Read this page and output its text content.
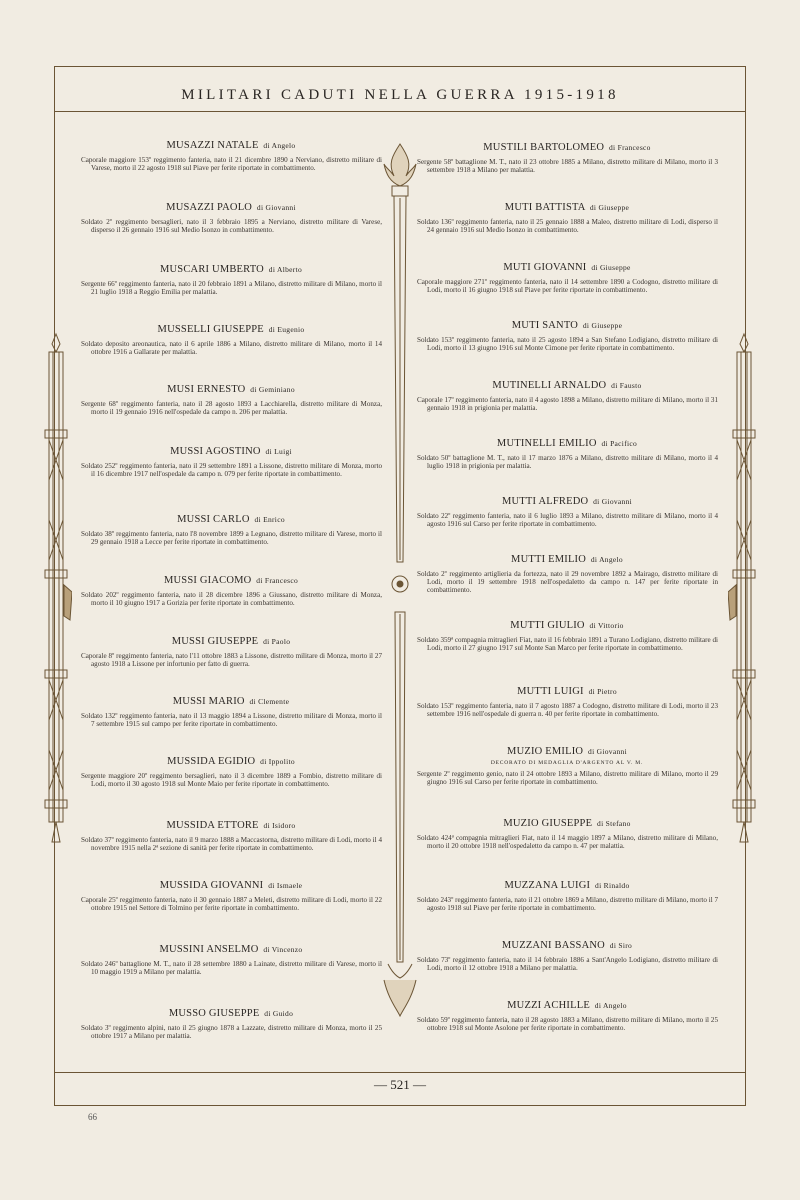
MILITARI CADUTI NELLA GUERRA 1915-1918
— 521 —
66
MUSAZZI NATALE di Angelo
Caporale maggiore 153º reggimento fanteria, nato il 21 dicembre 1890 a Nerviano, distretto militare di Varese, morto il 22 agosto 1918 sul Piave per ferite riportate in combattimento.
MUSAZZI PAOLO di Giovanni
Soldato 2º reggimento bersaglieri, nato il 3 febbraio 1895 a Nerviano, distretto militare di Varese, disperso il 26 gennaio 1916 sul Medio Isonzo in combattimento.
MUSCARI UMBERTO di Alberto
Sergente 66º reggimento fanteria, nato il 20 febbraio 1891 a Milano, distretto militare di Milano, morto il 21 luglio 1918 a Reggio Emilia per malattia.
MUSSELLI GIUSEPPE di Eugenio
Soldato deposito areonautica, nato il 6 aprile 1886 a Milano, distretto militare di Milano, morto il 14 ottobre 1916 a Gallarate per malattia.
MUSI ERNESTO di Geminiano
Sergente 68º reggimento fanteria, nato il 28 agosto 1893 a Lacchiarella, distretto militare di Monza, morto il 19 gennaio 1916 nell'ospedale da campo n. 206 per malattia.
MUSSI AGOSTINO di Luigi
Soldato 252º reggimento fanteria, nato il 29 settembre 1891 a Lissone, distretto militare di Monza, morto il 16 dicembre 1917 nell'ospedale da campo n. 079 per ferite riportate in combattimento.
MUSSI CARLO di Enrico
Soldato 38º reggimento fanteria, nato l'8 novembre 1899 a Legnano, distretto militare di Varese, morto il 29 gennaio 1918 a Lecce per ferite riportate in combattimento.
MUSSI GIACOMO di Francesco
Soldato 202º reggimento fanteria, nato il 28 dicembre 1896 a Giussano, distretto militare di Monza, morto il 10 giugno 1917 a Gorizia per ferite riportate in combattimento.
MUSSI GIUSEPPE di Paolo
Caporale 8º reggimento fanteria, nato l'11 ottobre 1883 a Lissone, distretto militare di Monza, morto il 27 agosto 1918 a Lissone per infortunio per fatto di guerra.
MUSSI MARIO di Clemente
Soldato 132º reggimento fanteria, nato il 13 maggio 1894 a Lissone, distretto militare di Monza, morto il 7 settembre 1915 sul campo per ferite riportate in combattimento.
MUSSIDA EGIDIO di Ippolito
Sergente maggiore 20º reggimento bersaglieri, nato il 3 dicembre 1889 a Fombio, distretto militare di Lodi, morto il 30 agosto 1918 sul Monte Maio per ferite riportate in combattimento.
MUSSIDA ETTORE di Isidoro
Soldato 37º reggimento fanteria, nato il 9 marzo 1888 a Maccastorna, distretto militare di Lodi, morto il 4 novembre 1915 nella 2ª sezione di sanità per ferite riportate in combattimento.
MUSSIDA GIOVANNI di Ismaele
Caporale 25º reggimento fanteria, nato il 30 gennaio 1887 a Meleti, distretto militare di Lodi, morto il 22 ottobre 1915 nel Settore di Tolmino per ferite riportate in combattimento.
MUSSINI ANSELMO di Vincenzo
Soldato 246º battaglione M. T., nato il 28 settembre 1880 a Lainate, distretto militare di Varese, morto il 10 maggio 1919 a Milano per malattia.
MUSSO GIUSEPPE di Guido
Soldato 3º reggimento alpini, nato il 25 giugno 1878 a Lazzate, distretto militare di Monza, morto il 25 ottobre 1917 a Milano per malattia.
MUSTILI BARTOLOMEO di Francesco
Sergente 58º battaglione M. T., nato il 23 ottobre 1885 a Milano, distretto militare di Milano, morto il 3 settembre 1918 a Milano per malattia.
MUTI BATTISTA di Giuseppe
Soldato 136º reggimento fanteria, nato il 25 gennaio 1888 a Maleo, distretto militare di Lodi, disperso il 24 gennaio 1916 sul Medio Isonzo in combattimento.
MUTI GIOVANNI di Giuseppe
Caporale maggiore 271º reggimento fanteria, nato il 14 settembre 1890 a Codogno, distretto militare di Lodi, morto il 16 giugno 1918 sul Piave per ferite riportate in combattimento.
MUTI SANTO di Giuseppe
Soldato 153º reggimento fanteria, nato il 25 agosto 1894 a San Stefano Lodigiano, distretto militare di Lodi, morto il 13 giugno 1916 sul Monte Cimone per ferite riportate in combattimento.
MUTINELLI ARNALDO di Fausto
Caporale 17º reggimento fanteria, nato il 4 agosto 1898 a Milano, distretto militare di Milano, morto il 31 gennaio 1918 in prigionia per malattia.
MUTINELLI EMILIO di Pacifico
Soldato 50º battaglione M. T., nato il 17 marzo 1876 a Milano, distretto militare di Milano, morto il 4 luglio 1918 in prigionia per malattia.
MUTTI ALFREDO di Giovanni
Soldato 22º reggimento fanteria, nato il 6 luglio 1893 a Milano, distretto militare di Milano, morto il 4 agosto 1916 sul Carso per ferite riportate in combattimento.
MUTTI EMILIO di Angelo
Soldato 2º reggimento artiglieria da fortezza, nato il 29 novembre 1892 a Mairago, distretto militare di Lodi, morto il 19 settembre 1918 nell'ospedaletto da campo n. 147 per ferite riportate in combattimento.
MUTTI GIULIO di Vittorio
Soldato 359ª compagnia mitraglieri Fiat, nato il 16 febbraio 1891 a Turano Lodigiano, distretto militare di Lodi, morto il 27 giugno 1917 sul Monte San Marco per ferite riportate in combattimento.
MUTTI LUIGI di Pietro
Soldato 153º reggimento fanteria, nato il 7 agosto 1887 a Codogno, distretto militare di Lodi, morto il 23 settembre 1916 nell'ospedale di guerra n. 40 per ferite riportate in combattimento.
MUZIO EMILIO di Giovanni
DECORATO DI MEDAGLIA D'ARGENTO AL V. M.
Sergente 2º reggimento genio, nato il 24 ottobre 1893 a Milano, distretto militare di Milano, morto il 29 giugno 1916 sul Carso per ferite riportate in combattimento.
MUZIO GIUSEPPE di Stefano
Soldato 424ª compagnia mitraglieri Fiat, nato il 14 maggio 1897 a Milano, distretto militare di Milano, morto il 20 ottobre 1918 nell'ospedaletto da campo n. 47 per malattia.
MUZZANA LUIGI di Rinaldo
Soldato 243º reggimento fanteria, nato il 21 ottobre 1869 a Milano, distretto militare di Milano, morto il 7 agosto 1918 sul Piave per ferite riportate in combattimento.
MUZZANI BASSANO di Siro
Soldato 73º reggimento fanteria, nato il 14 febbraio 1886 a Sant'Angelo Lodigiano, distretto militare di Lodi, morto il 12 ottobre 1918 a Milano per malattia.
MUZZI ACHILLE di Angelo
Soldato 59º reggimento fanteria, nato il 28 agosto 1883 a Milano, distretto militare di Milano, morto il 25 ottobre 1918 sul Monte Asolone per ferite riportate in combattimento.
